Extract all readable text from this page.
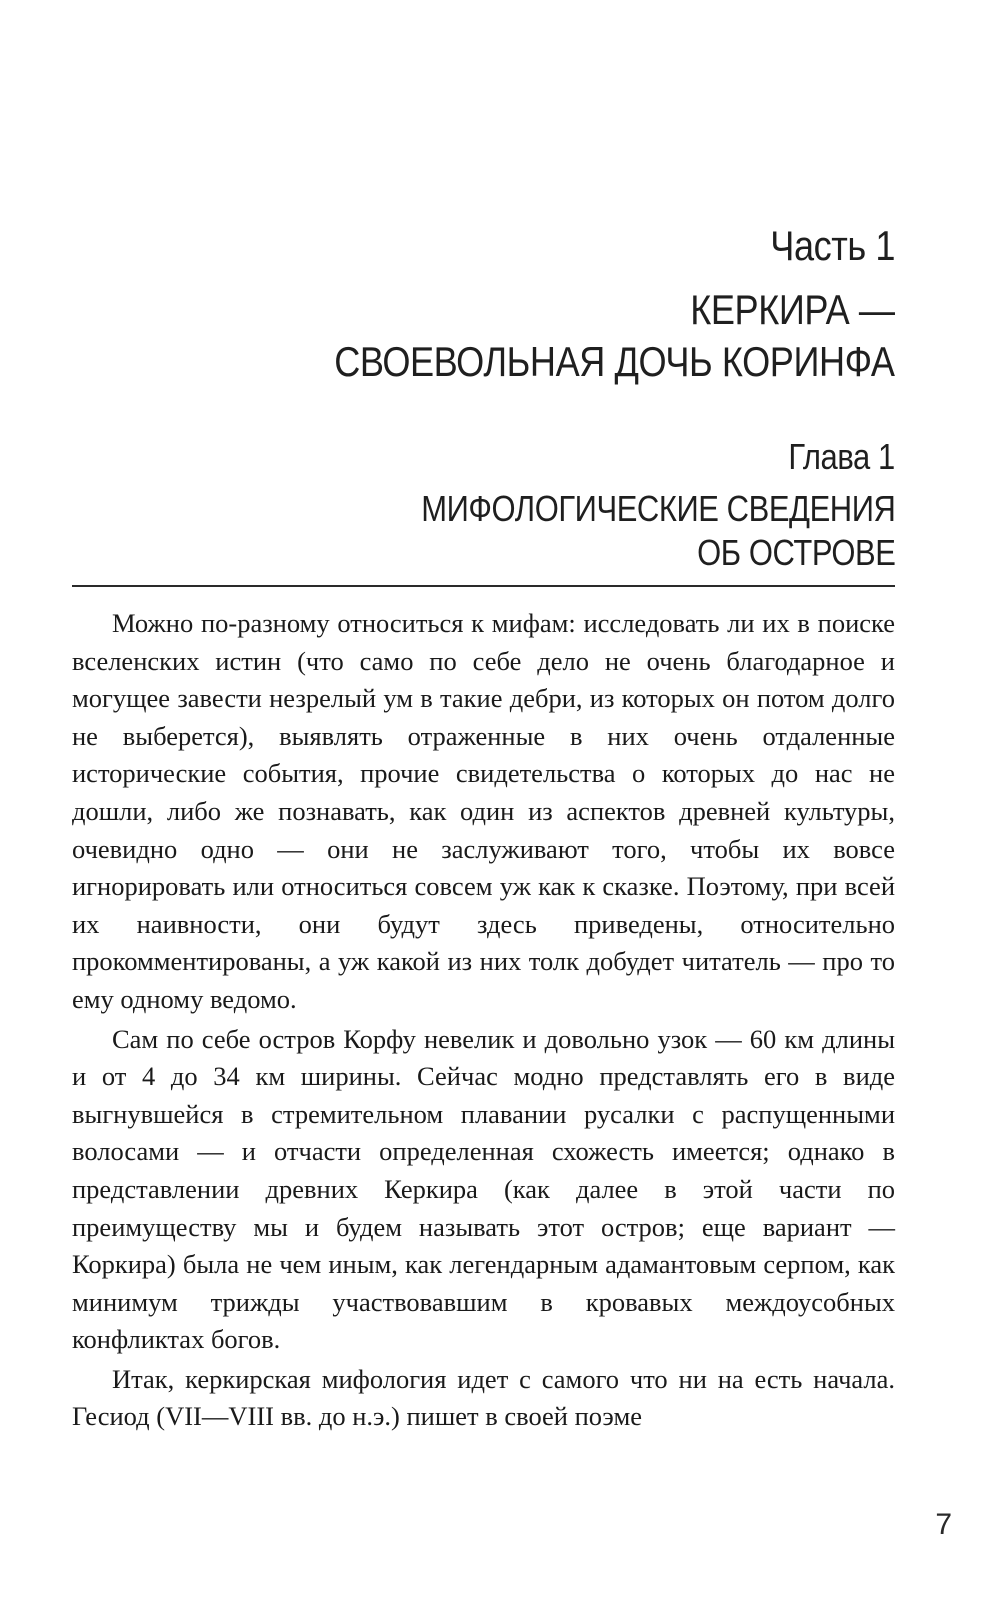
Часть 1
КЕРКИРА —
СВОЕВОЛЬНАЯ ДОЧЬ КОРИНФА
Глава 1
МИФОЛОГИЧЕСКИЕ СВЕДЕНИЯ
ОБ ОСТРОВЕ

Можно по-разному относиться к мифам: исследовать ли их в поиске вселенских истин (что само по себе дело не очень благодарное и могущее завести незрелый ум в такие дебри, из которых он потом долго не выберется), выявлять отраженные в них очень отдаленные исторические события, прочие свидетельства о которых до нас не дошли, либо же познавать, как один из аспектов древней культуры, очевидно одно — они не заслуживают того, чтобы их вовсе игнорировать или относиться совсем уж как к сказке. Поэтому, при всей их наивности, они будут здесь приведены, относительно прокомментированы, а уж какой из них толк добудет читатель — про то ему одному ведомо.

Сам по себе остров Корфу невелик и довольно узок — 60 км длины и от 4 до 34 км ширины. Сейчас модно представлять его в виде выгнувшейся в стремительном плавании русалки с распущенными волосами — и отчасти определенная схожесть имеется; однако в представлении древних Керкира (как далее в этой части по преимуществу мы и будем называть этот остров; еще вариант — Коркира) была не чем иным, как легендарным адамантовым серпом, как минимум трижды участвовавшим в кровавых междоусобных конфликтах богов.

Итак, керкирская мифология идет с самого что ни на есть начала. Гесиод (VII—VIII вв. до н.э.) пишет в своей поэме

7
